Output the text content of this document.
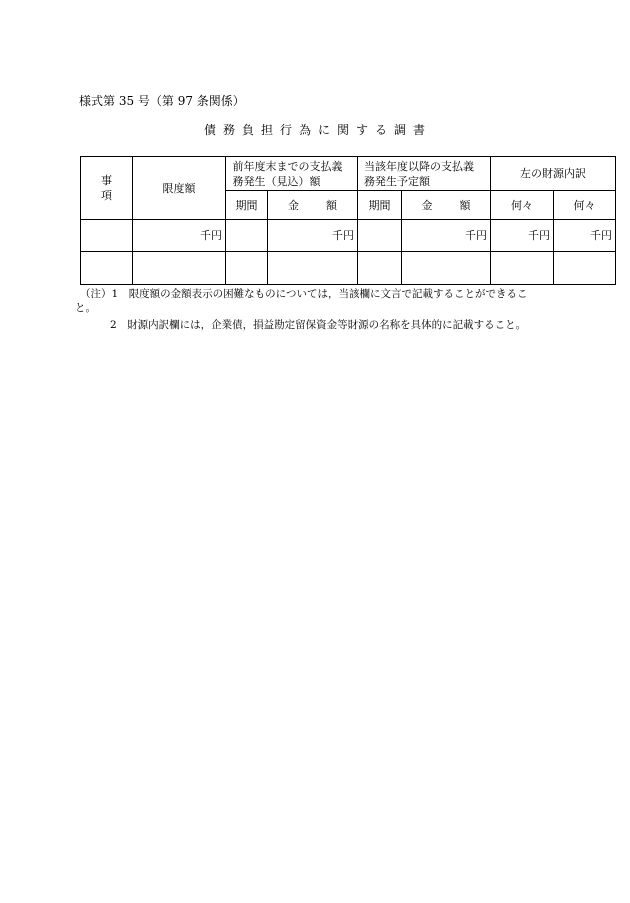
様式第 35 号（第 97 条関係）
債務負担行為に関する調書
事　項	限度額	前年度末までの支払義務発生（見込）額		当該年度以降の支払義務発生予定額		左の財源内訳	
		期間	金　額	期間	金　額	何々	何々
	千円		千円		千円	千円	千円

（注）1　 限度額の金額表示の困難なものについては，当該欄に文言で記載することができるこ
と。
2　 財源内訳欄には，企業債，損益勘定留保資金等財源の名称を具体的に記載すること。
